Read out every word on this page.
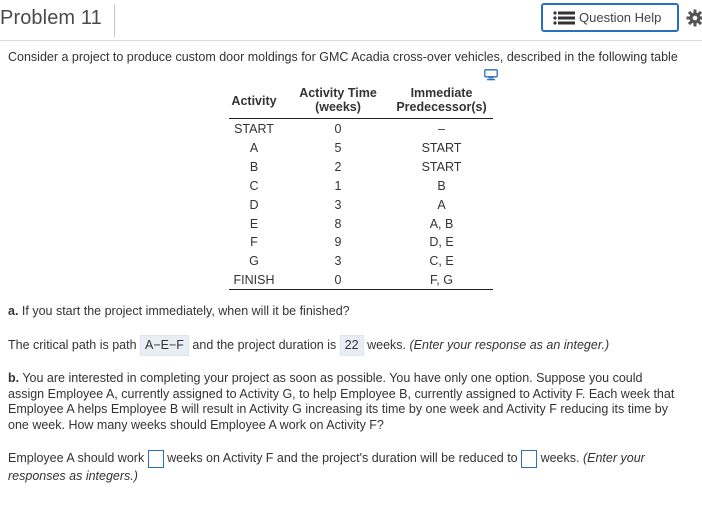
Problem 11	Question Help
Consider a project to produce custom door moldings for GMC Acadia cross-over vehicles, described in the following table
Activity
Activity Time
(weeks)
Immediate
Predecessor(s)
START	0	–
A	5	START
B	2	START
C	1	B
D	3	A
E	8	A, B
F	9	D, E
G	3	C, E
FINISH	0	F, G
a. If you start the project immediately, when will it be finished?
The critical path is path A−E−F and the project duration is 22 weeks. (Enter your response as an integer.)
b. You are interested in completing your project as soon as possible. You have only one option. Suppose you could
assign Employee A, currently assigned to Activity G, to help Employee B, currently assigned to Activity F. Each week that
Employee A helps Employee B will result in Activity G increasing its time by one week and Activity F reducing its time by
one week. How many weeks should Employee A work on Activity F?
Employee A should work  weeks on Activity F and the project's duration will be reduced to  weeks. (Enter your
responses as integers.)
